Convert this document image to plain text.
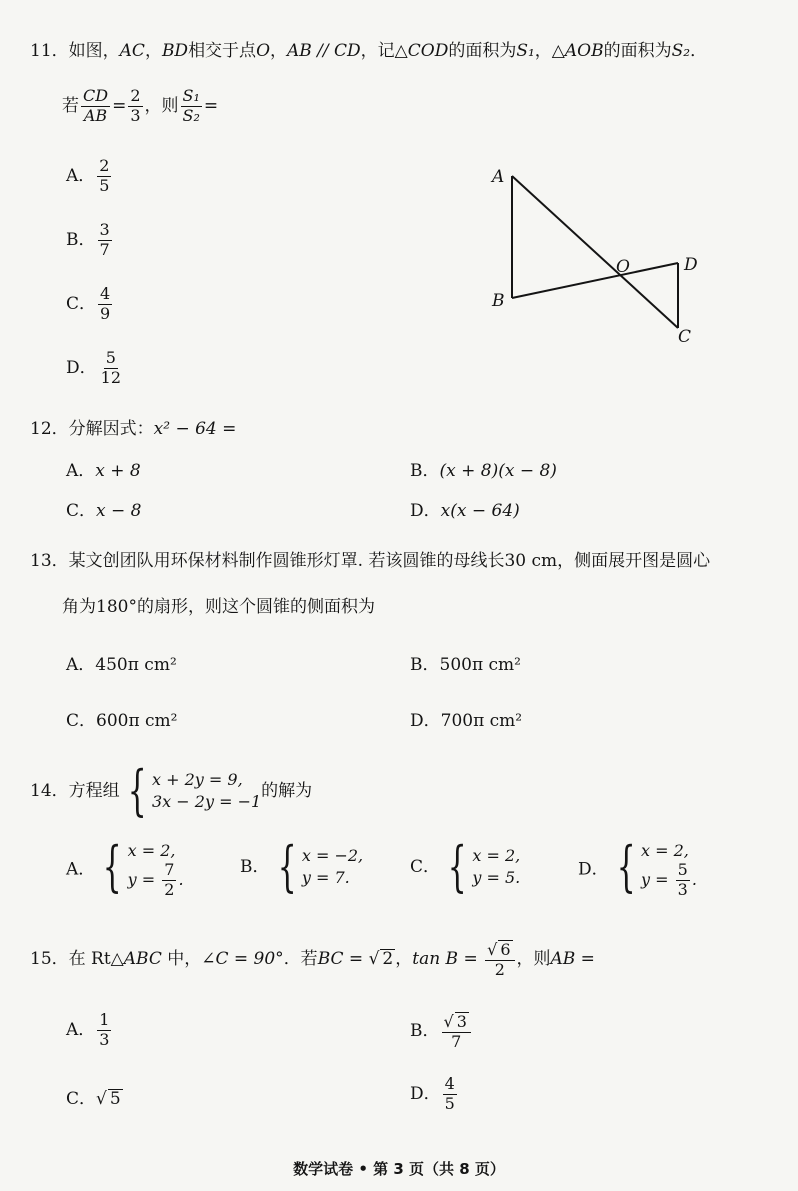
11．如图，AC，BD相交于点O，AB // CD，记△COD的面积为S₁，△AOB的面积为S₂．
若 $\frac{CD}{AB} = \frac{2}{3}$ ，则 $\frac{\text{S₁}}{\text{S₂}}$ =
A． $\frac{2}{5}$
B． $\frac{3}{7}$
C． $\frac{4}{9}$
D． $\frac{5}{12}$
A
B
O	D
C
12．分解因式：x² − 64 =
A．x + 8	B．(x + 8)(x − 8)
C．x − 8	D．x(x − 64)
13．某文创团队用环保材料制作圆锥形灯罩. 若该圆锥的母线长30 cm，侧面展开图是圆心
角为180°的扇形，则这个圆锥的侧面积为
A．450π cm²	B．500π cm²
C．600π cm²	D．700π cm²
14．方程组 { x + 2y = 9,
3x − 2y = −1
的解为
A． { x = 2,
$y = \frac{7}{2}$ .
B． { x = −2,
y = 7.
C． { x = 2,
y = 5.	D． { x = 2,
$y = \frac{5}{3}$ .
15．在 Rt△ABC 中，∠C = 90°．若BC = √ 2 ，$\tan B = \frac{√ 6}{2}$ ，则AB =
A． $\frac{1}{3}$	B． $\frac{√ 3}{7}$
C．√ 5	D． $\frac{4}{5}$
数学试卷 • 第 3 页（共 8 页）
